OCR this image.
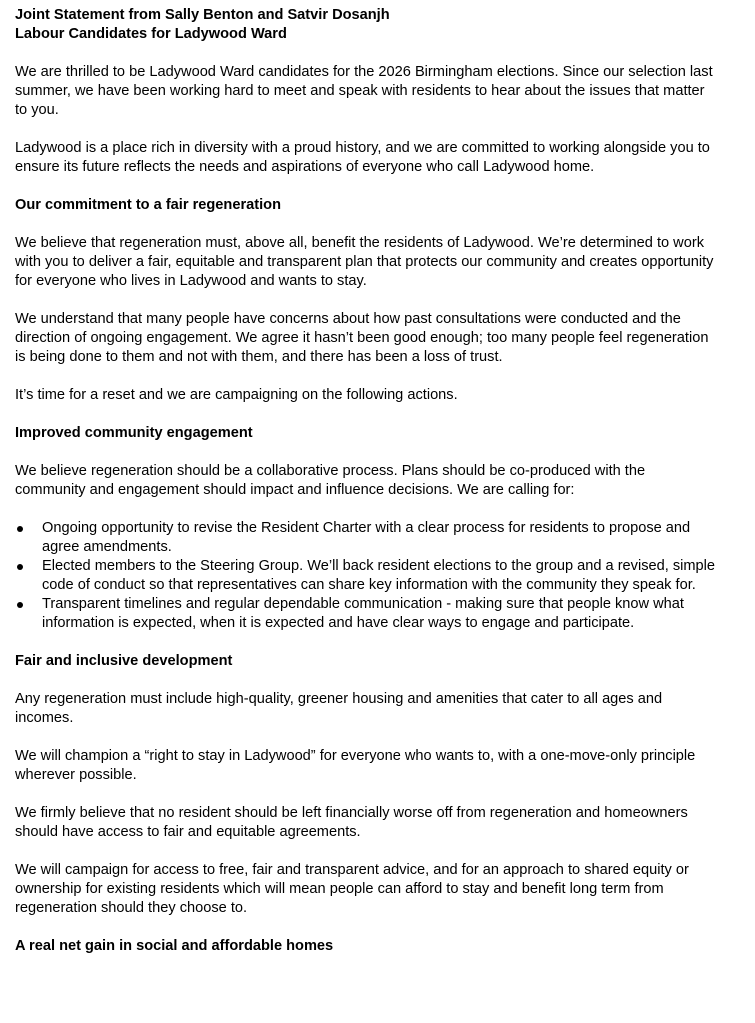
Joint Statement from Sally Benton and Satvir Dosanjh
Labour Candidates for Ladywood Ward

We are thrilled to be Ladywood Ward candidates for the 2026 Birmingham elections. Since our selection last summer, we have been working hard to meet and speak with residents to hear about the issues that matter to you.

Ladywood is a place rich in diversity with a proud history, and we are committed to working alongside you to ensure its future reflects the needs and aspirations of everyone who call Ladywood home.

Our commitment to a fair regeneration

We believe that regeneration must, above all, benefit the residents of Ladywood. We’re determined to work with you to deliver a fair, equitable and transparent plan that protects our community and creates opportunity for everyone who lives in Ladywood and wants to stay.

We understand that many people have concerns about how past consultations were conducted and the direction of ongoing engagement. We agree it hasn’t been good enough; too many people feel regeneration is being done to them and not with them, and there has been a loss of trust.

It’s time for a reset and we are campaigning on the following actions.

Improved community engagement

We believe regeneration should be a collaborative process. Plans should be co-produced with the community and engagement should impact and influence decisions. We are calling for:

Ongoing opportunity to revise the Resident Charter with a clear process for residents to propose and agree amendments.
Elected members to the Steering Group. We’ll back resident elections to the group and a revised, simple code of conduct so that representatives can share key information with the community they speak for.
Transparent timelines and regular dependable communication - making sure that people know what information is expected, when it is expected and have clear ways to engage and participate.
Fair and inclusive development

Any regeneration must include high-quality, greener housing and amenities that cater to all ages and incomes.

We will champion a “right to stay in Ladywood” for everyone who wants to, with a one-move-only principle wherever possible.

We firmly believe that no resident should be left financially worse off from regeneration and homeowners should have access to fair and equitable agreements.

We will campaign for access to free, fair and transparent advice, and for an approach to shared equity or ownership for existing residents which will mean people can afford to stay and benefit long term from regeneration should they choose to.

A real net gain in social and affordable homes
